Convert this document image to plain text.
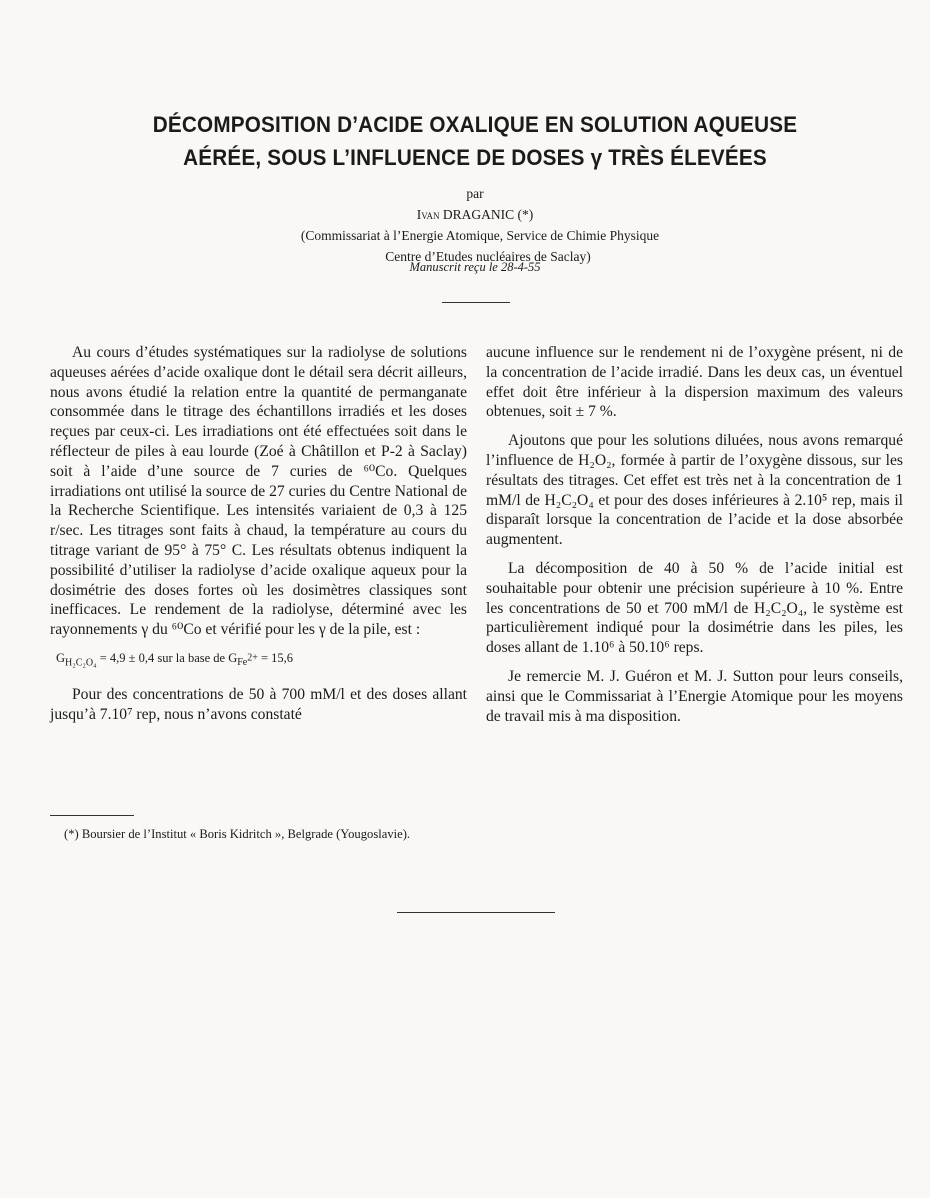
DÉCOMPOSITION D’ACIDE OXALIQUE EN SOLUTION AQUEUSE
AÉRÉE, SOUS L’INFLUENCE DE DOSES γ TRÈS ÉLEVÉES
par
Ivan DRAGANIC (*)
(Commissariat à l’Energie Atomique, Service de Chimie Physique
Centre d’Etudes nucléaires de Saclay)
Manuscrit reçu le 28-4-55

Au cours d’études systématiques sur la radiolyse de solutions aqueuses aérées d’acide oxalique dont le détail sera décrit ailleurs, nous avons étudié la relation entre la quantité de permanganate consommée dans le titrage des échantillons irradiés et les doses reçues par ceux-ci. Les irradiations ont été effectuées soit dans le réflecteur de piles à eau lourde (Zoé à Châtillon et P-2 à Saclay) soit à l’aide d’une source de 7 curies de ⁶⁰Co. Quelques irradiations ont utilisé la source de 27 curies du Centre National de la Recherche Scientifique. Les intensités variaient de 0,3 à 125 r/sec. Les titrages sont faits à chaud, la température au cours du titrage variant de 95° à 75° C. Les résultats obtenus indiquent la possibilité d’utiliser la radiolyse d’acide oxalique aqueux pour la dosimétrie des doses fortes où les dosimètres classiques sont inefficaces. Le rendement de la radiolyse, déterminé avec les rayonnements γ du ⁶⁰Co et vérifié pour les γ de la pile, est :

$G_{H_2C_2O_4} = 4,9 \pm 0,4$ sur la base de $G_{Fe^{2+}} = 15,6$

Pour des concentrations de 50 à 700 mM/l et des doses allant jusqu’à 7.10⁷ rep, nous n’avons constaté

aucune influence sur le rendement ni de l’oxygène présent, ni de la concentration de l’acide irradié. Dans les deux cas, un éventuel effet doit être inférieur à la dispersion maximum des valeurs obtenues, soit ± 7 %.

Ajoutons que pour les solutions diluées, nous avons remarqué l’influence de H₂O₂, formée à partir de l’oxygène dissous, sur les résultats des titrages. Cet effet est très net à la concentration de 1 mM/l de H₂C₂O₄ et pour des doses inférieures à 2.10⁵ rep, mais il disparaît lorsque la concentration de l’acide et la dose absorbée augmentent.

La décomposition de 40 à 50 % de l’acide initial est souhaitable pour obtenir une précision supérieure à 10 %. Entre les concentrations de 50 et 700 mM/l de H₂C₂O₄, le système est particulièrement indiqué pour la dosimétrie dans les piles, les doses allant de 1.10⁶ à 50.10⁶ reps.

Je remercie M. J. Guéron et M. J. Sutton pour leurs conseils, ainsi que le Commissariat à l’Energie Atomique pour les moyens de travail mis à ma disposition.

(*) Boursier de l’Institut « Boris Kidritch », Belgrade (Yougoslavie).
